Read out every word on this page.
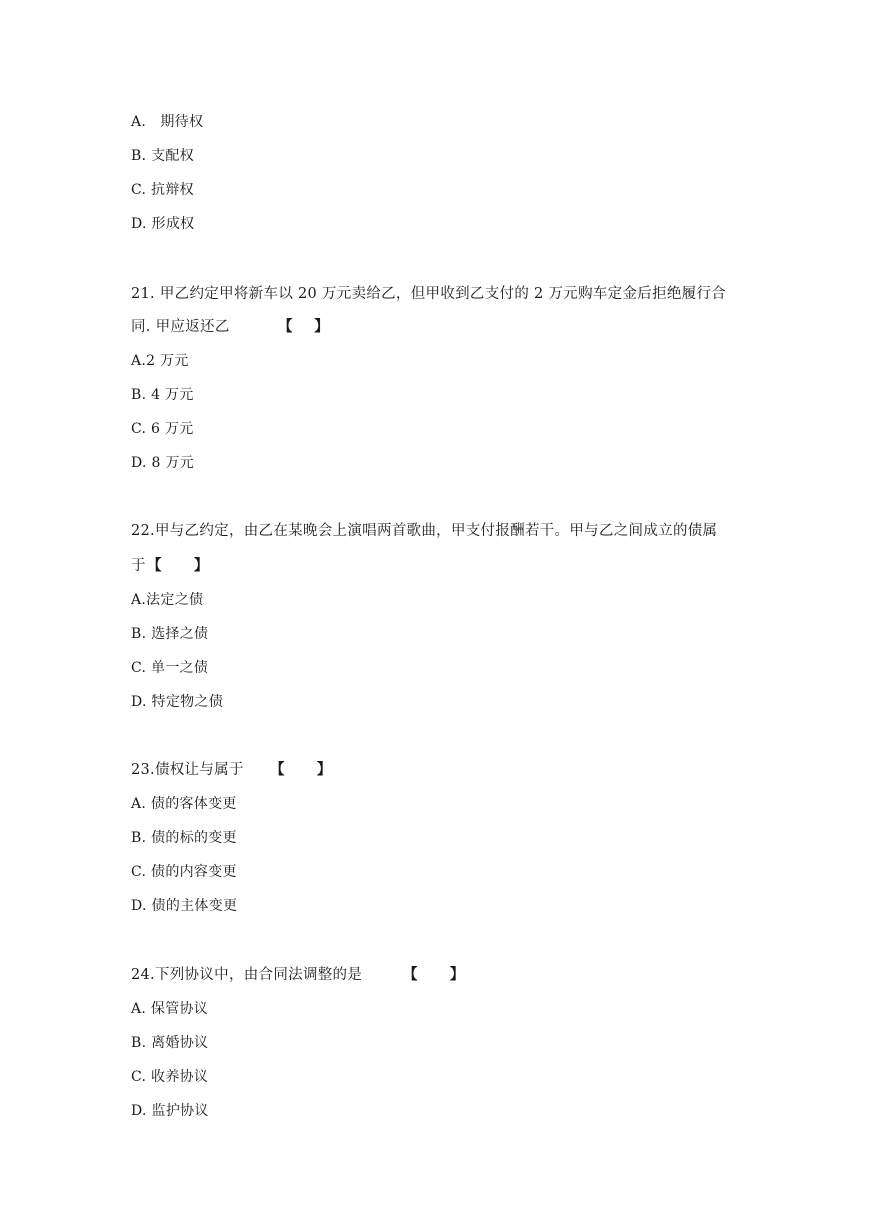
A.   期待权
B. 支配权
C. 抗辩权
D. 形成权
21. 甲乙约定甲将新车以 20 万元卖给乙，但甲收到乙支付的 2 万元购车定金后拒绝履行合
同. 甲应返还乙	【    】
A.2 万元
B. 4 万元
C. 6 万元
D. 8 万元
22.甲与乙约定，由乙在某晚会上演唱两首歌曲，甲支付报酬若干。甲与乙之间成立的债属
于 【      】
A.法定之债
B. 选择之债
C. 单一之债
D. 特定物之债
23.债权让与属于 【      】
A. 债的客体变更
B. 债的标的变更
C. 债的内容变更
D. 债的主体变更
24.下列协议中，由合同法调整的是	【      】
A. 保管协议
B. 离婚协议
C. 收养协议
D. 监护协议
